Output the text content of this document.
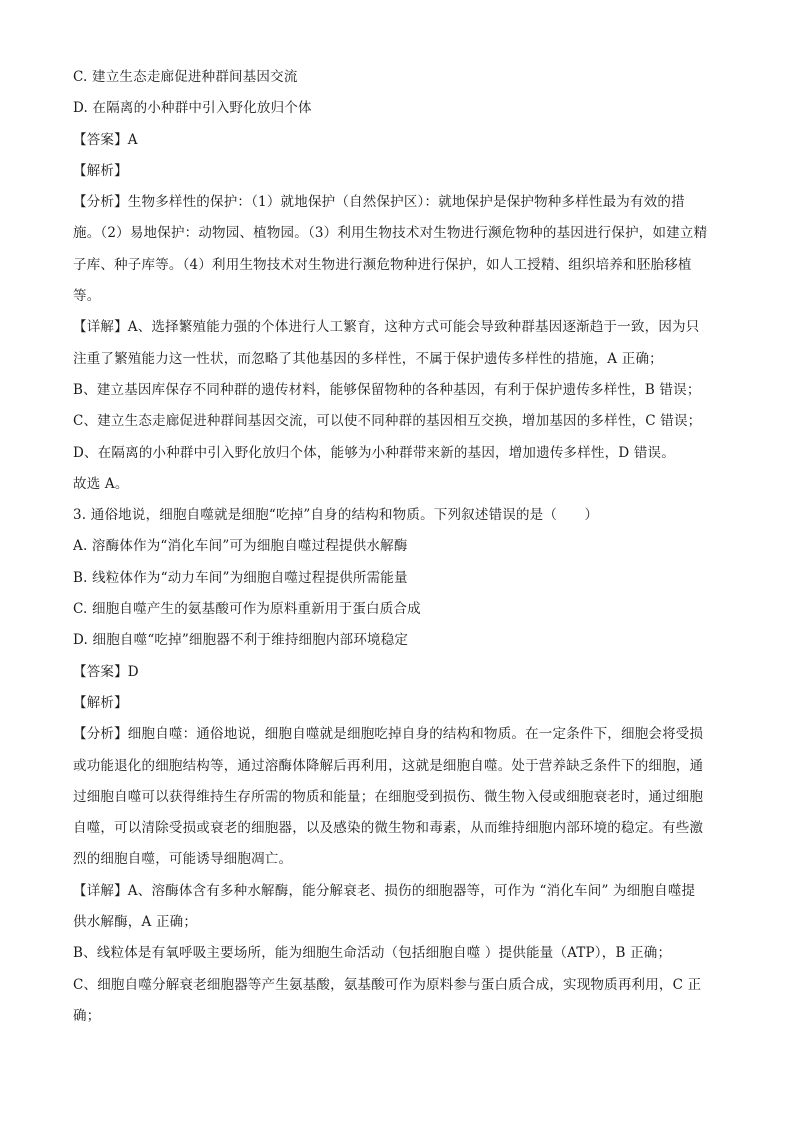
C. 建立生态走廊促进种群间基因交流
D. 在隔离的小种群中引入野化放归个体
【答案】A
【解析】
【分析】生物多样性的保护：（1）就地保护（自然保护区）：就地保护是保护物种多样性最为有效的措
施。（2）易地保护：动物园、植物园。（3）利用生物技术对生物进行濒危物种的基因进行保护，如建立精
子库、种子库等。（4）利用生物技术对生物进行濒危物种进行保护，如人工授精、组织培养和胚胎移植
等。
【详解】A、选择繁殖能力强的个体进行人工繁育，这种方式可能会导致种群基因逐渐趋于一致，因为只
注重了繁殖能力这一性状，而忽略了其他基因的多样性，不属于保护遗传多样性的措施，A 正确；
B、建立基因库保存不同种群的遗传材料，能够保留物种的各种基因，有利于保护遗传多样性，B 错误；
C、建立生态走廊促进种群间基因交流，可以使不同种群的基因相互交换，增加基因的多样性，C 错误；
D、在隔离的小种群中引入野化放归个体，能够为小种群带来新的基因，增加遗传多样性，D 错误。
故选 A。
3. 通俗地说，细胞自噬就是细胞“吃掉”自身的结构和物质。下列叙述错误的是（　　）
A. 溶酶体作为“消化车间”可为细胞自噬过程提供水解酶
B. 线粒体作为“动力车间”为细胞自噬过程提供所需能量
C. 细胞自噬产生的氨基酸可作为原料重新用于蛋白质合成
D. 细胞自噬“吃掉”细胞器不利于维持细胞内部环境稳定
【答案】D
【解析】
【分析】细胞自噬：通俗地说，细胞自噬就是细胞吃掉自身的结构和物质。在一定条件下，细胞会将受损
或功能退化的细胞结构等，通过溶酶体降解后再利用，这就是细胞自噬。处于营养缺乏条件下的细胞，通
过细胞自噬可以获得维持生存所需的物质和能量；在细胞受到损伤、微生物入侵或细胞衰老时，通过细胞
自噬，可以清除受损或衰老的细胞器，以及感染的微生物和毒素，从而维持细胞内部环境的稳定。有些激
烈的细胞自噬，可能诱导细胞凋亡。
【详解】A、溶酶体含有多种水解酶，能分解衰老、损伤的细胞器等，可作为 “消化车间” 为细胞自噬提
供水解酶，A 正确；
B、线粒体是有氧呼吸主要场所，能为细胞生命活动（包括细胞自噬 ）提供能量（ATP），B 正确；
C、细胞自噬分解衰老细胞器等产生氨基酸，氨基酸可作为原料参与蛋白质合成，实现物质再利用，C 正
确；
